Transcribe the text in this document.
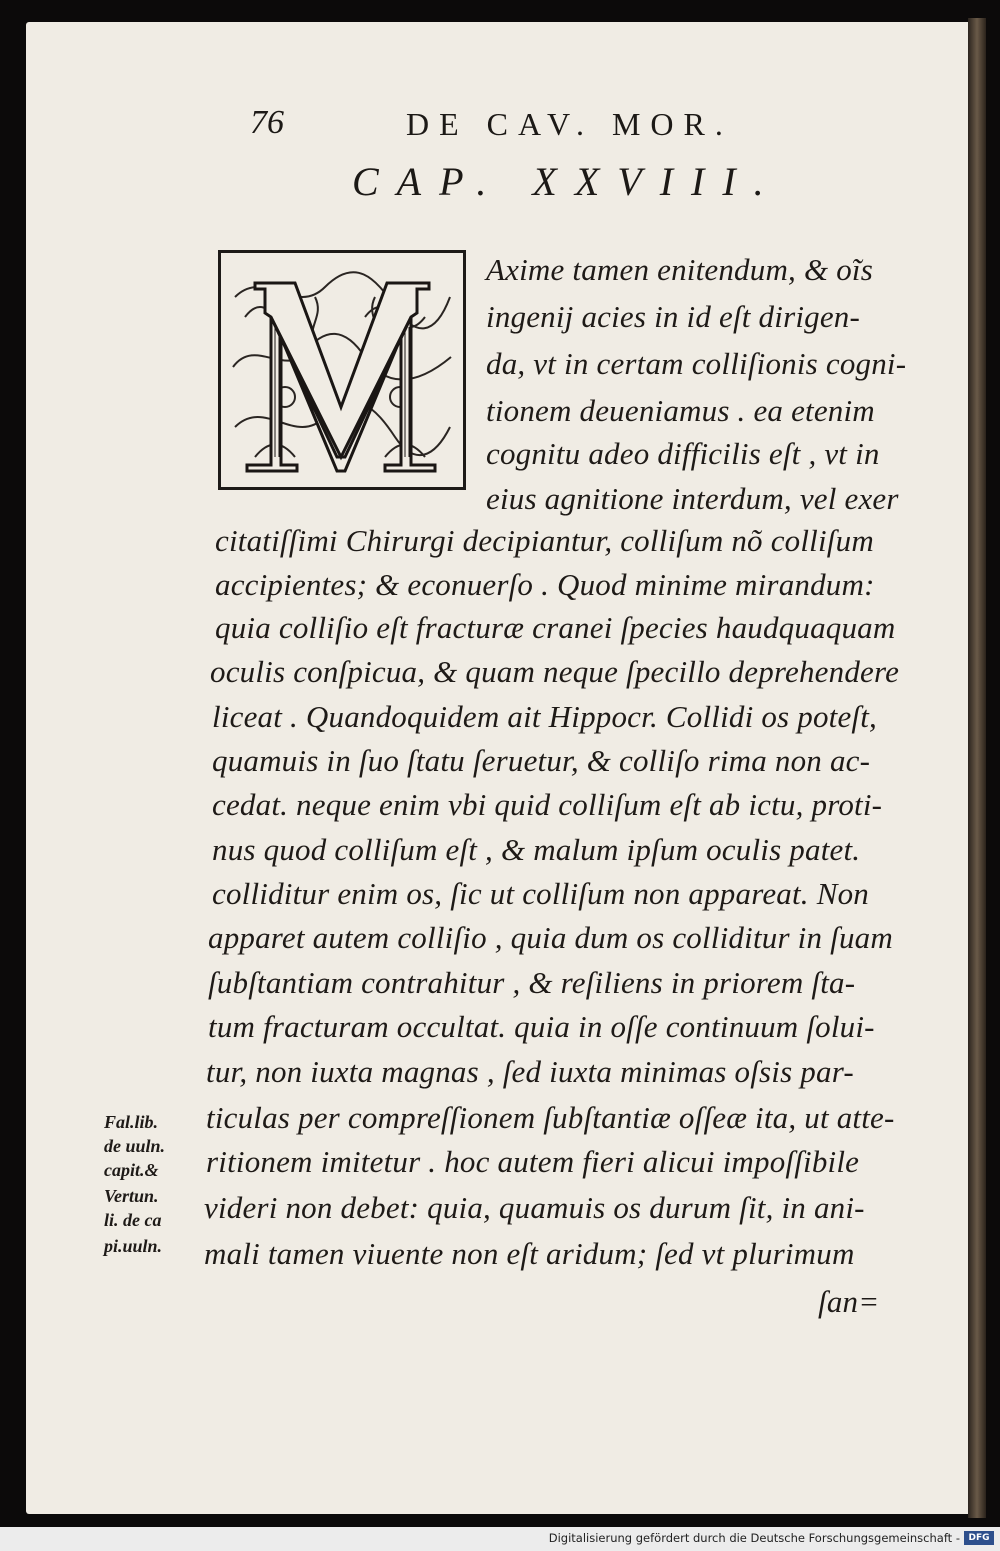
76	DE CAV. MOR.
CAP. XXVIII.
Axime tamen enitendum, & oĩs
ingenij acies in id eſt dirigen-
da, vt in certam colliſionis cogni-
tionem deueniamus . ea etenim
cognitu adeo difficilis eſt , vt in
eius agnitione interdum, vel exer
citatiſſimi Chirurgi decipiantur, colliſum nõ colliſum
accipientes; & econuerſo . Quod minime mirandum:
quia colliſio eſt fracturæ cranei ſpecies haudquaquam
oculis conſpicua, & quam neque ſpecillo deprehendere
liceat . Quandoquidem ait Hippocr. Collidi os poteſt,
quamuis in ſuo ſtatu ſeruetur, & colliſo rima non ac-
cedat. neque enim vbi quid colliſum eſt ab ictu, proti-
nus quod colliſum eſt , & malum ipſum oculis patet.
colliditur enim os, ſic ut colliſum non appareat. Non
apparet autem colliſio , quia dum os colliditur in ſuam
ſubſtantiam contrahitur , & reſiliens in priorem ſta-
tum fracturam occultat. quia in oſſe continuum ſolui-
tur, non iuxta magnas , ſed iuxta minimas oſsis par-
ticulas per compreſſionem ſubſtantiæ oſſeæ ita, ut atte-
ritionem imitetur . hoc autem fieri alicui impoſſibile
videri non debet: quia, quamuis os durum ſit, in ani-
mali tamen viuente non eſt aridum; ſed vt plurimum
ſan=
Fal.lib.
de uuln.
capit.&
Vertun.
li. de ca
pi.uuln.
Digitalisierung gefördert durch die Deutsche Forschungsgemeinschaft - DFG
